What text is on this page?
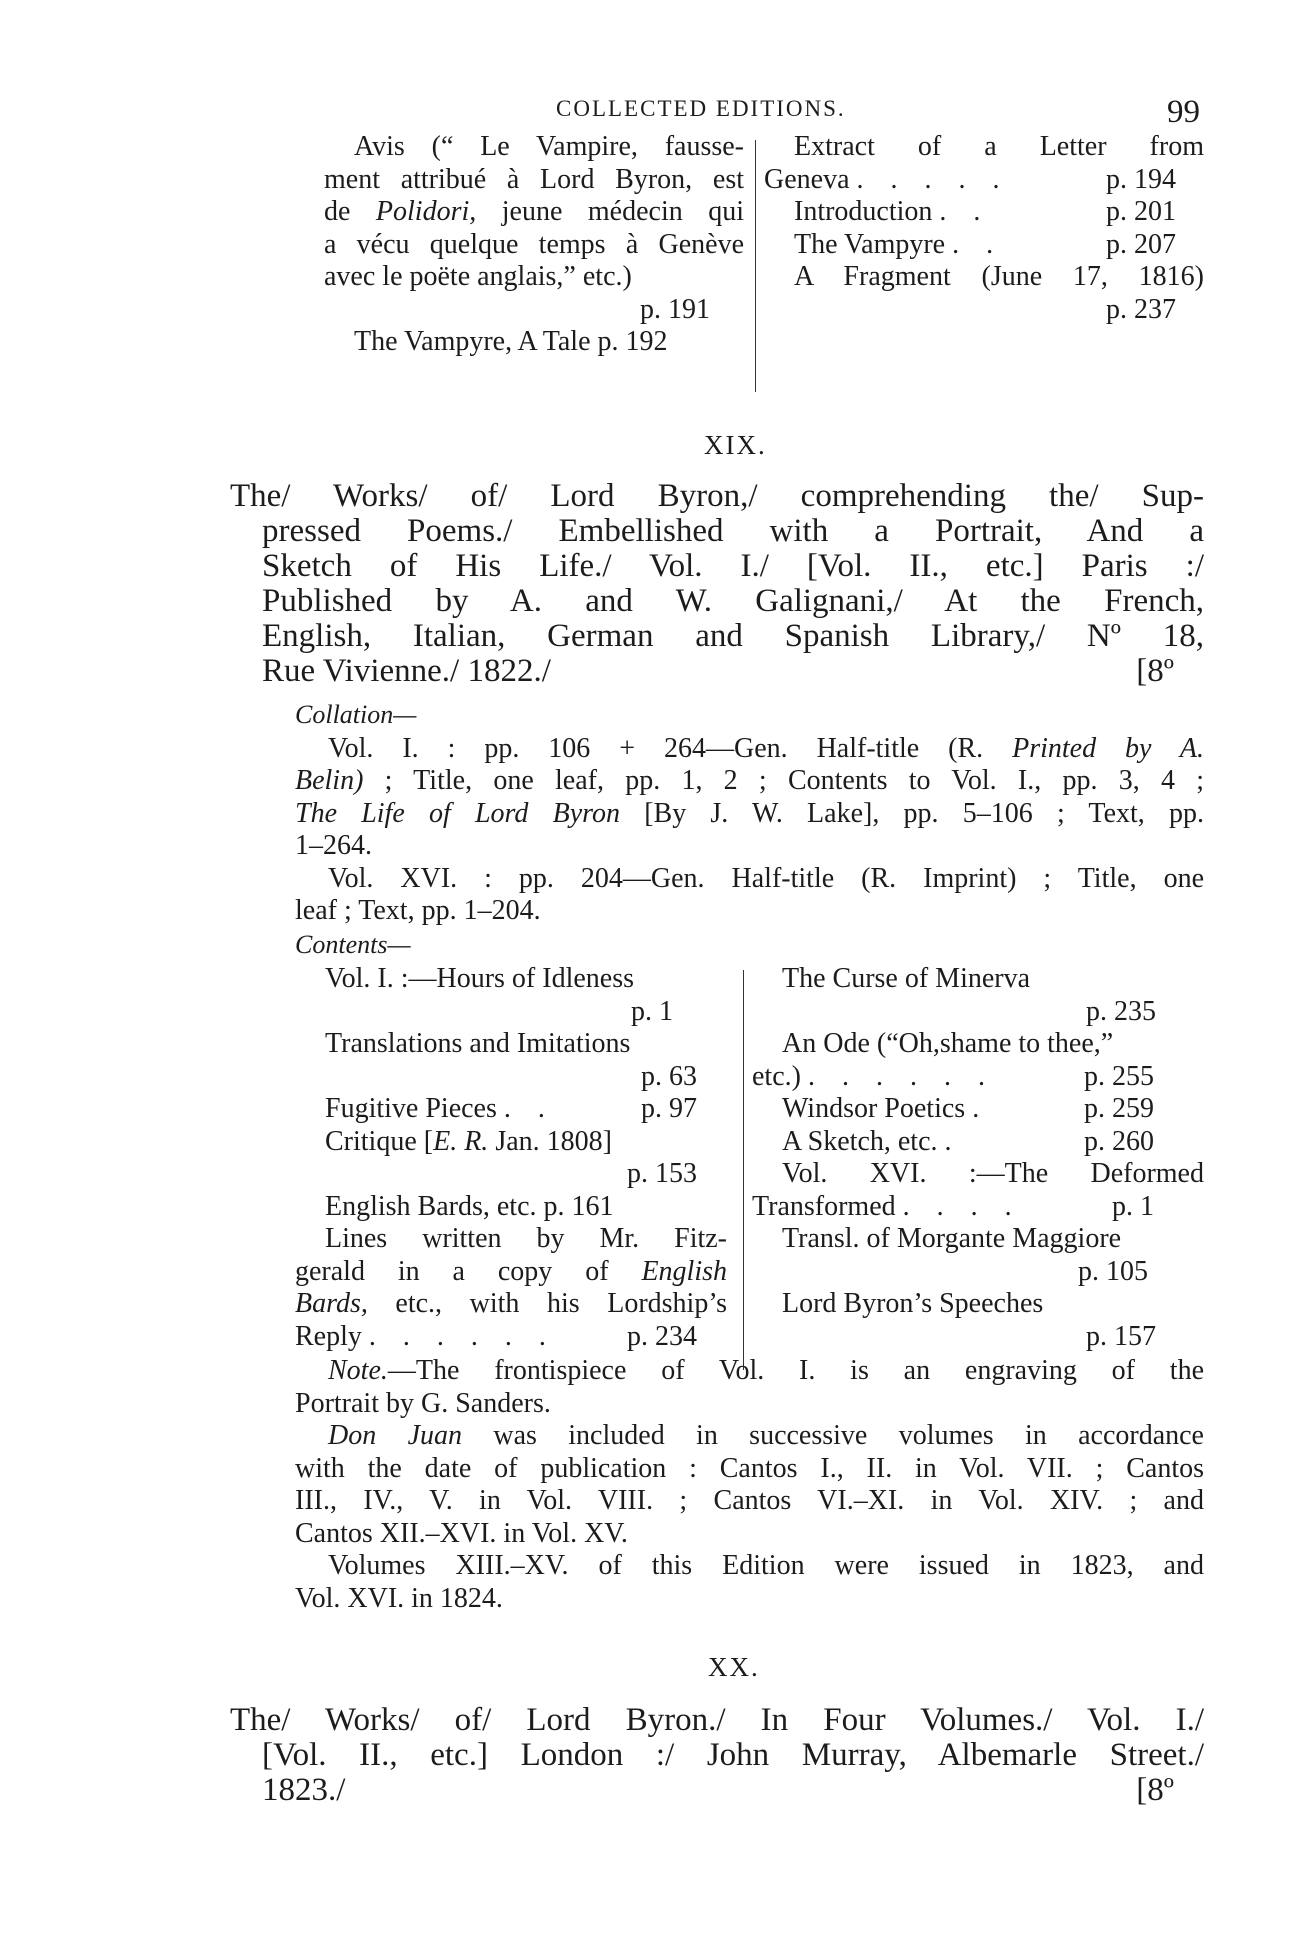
COLLECTED EDITIONS.	99
Avis (“ Le Vampire, fausse-
ment attribué à Lord Byron, est
de Polidori, jeune médecin qui
a vécu quelque temps à Genève
avec le poëte anglais,” etc.)
p. 191
The Vampyre, A Tale p. 192
Extract of a Letter from
Geneva . . . . .	p. 194
Introduction . .	p. 201
The Vampyre . .	p. 207
A Fragment (June 17, 1816)
p. 237
XIX.
The/ Works/ of/ Lord Byron,/ comprehending the/ Sup-
pressed Poems./ Embellished with a Portrait, And a
Sketch of His Life./ Vol. I./ [Vol. II., etc.] Paris :/
Published by A. and W. Galignani,/ At the French,
English, Italian, German and Spanish Library,/ Nº 18,
Rue Vivienne./ 1822./	[8º
Collation—
Vol. I. : pp. 106 + 264—Gen. Half-title (R. Printed by A.
Belin) ; Title, one leaf, pp. 1, 2 ; Contents to Vol. I., pp. 3, 4 ;
The Life of Lord Byron [By J. W. Lake], pp. 5–106 ; Text, pp.
1–264.
Vol. XVI. : pp. 204—Gen. Half-title (R. Imprint) ; Title, one
leaf ; Text, pp. 1–204.
Contents—
Vol. I. :—Hours of Idleness
p. 1
Translations and Imitations
p. 63
Fugitive Pieces . .	p. 97
Critique [E. R. Jan. 1808]
p. 153
English Bards, etc. p. 161
Lines written by Mr. Fitz-
gerald in a copy of English
Bards, etc., with his Lordship’s
Reply . . . . . .	p. 234
The Curse of Minerva
p. 235
An Ode (“Oh,shame to thee,”
etc.) . . . . . .	p. 255
Windsor Poetics .	p. 259
A Sketch, etc. .	p. 260
Vol. XVI. :—The Deformed
Transformed . . . .	p. 1
Transl. of Morgante Maggiore
p. 105
Lord Byron’s Speeches
p. 157
Note.—The frontispiece of Vol. I. is an engraving of the
Portrait by G. Sanders.
Don Juan was included in successive volumes in accordance
with the date of publication : Cantos I., II. in Vol. VII. ; Cantos
III., IV., V. in Vol. VIII. ; Cantos VI.–XI. in Vol. XIV. ; and
Cantos XII.–XVI. in Vol. XV.
Volumes XIII.–XV. of this Edition were issued in 1823, and
Vol. XVI. in 1824.
XX.
The/ Works/ of/ Lord Byron./ In Four Volumes./ Vol. I./
[Vol. II., etc.] London :/ John Murray, Albemarle Street./
1823./	[8º
